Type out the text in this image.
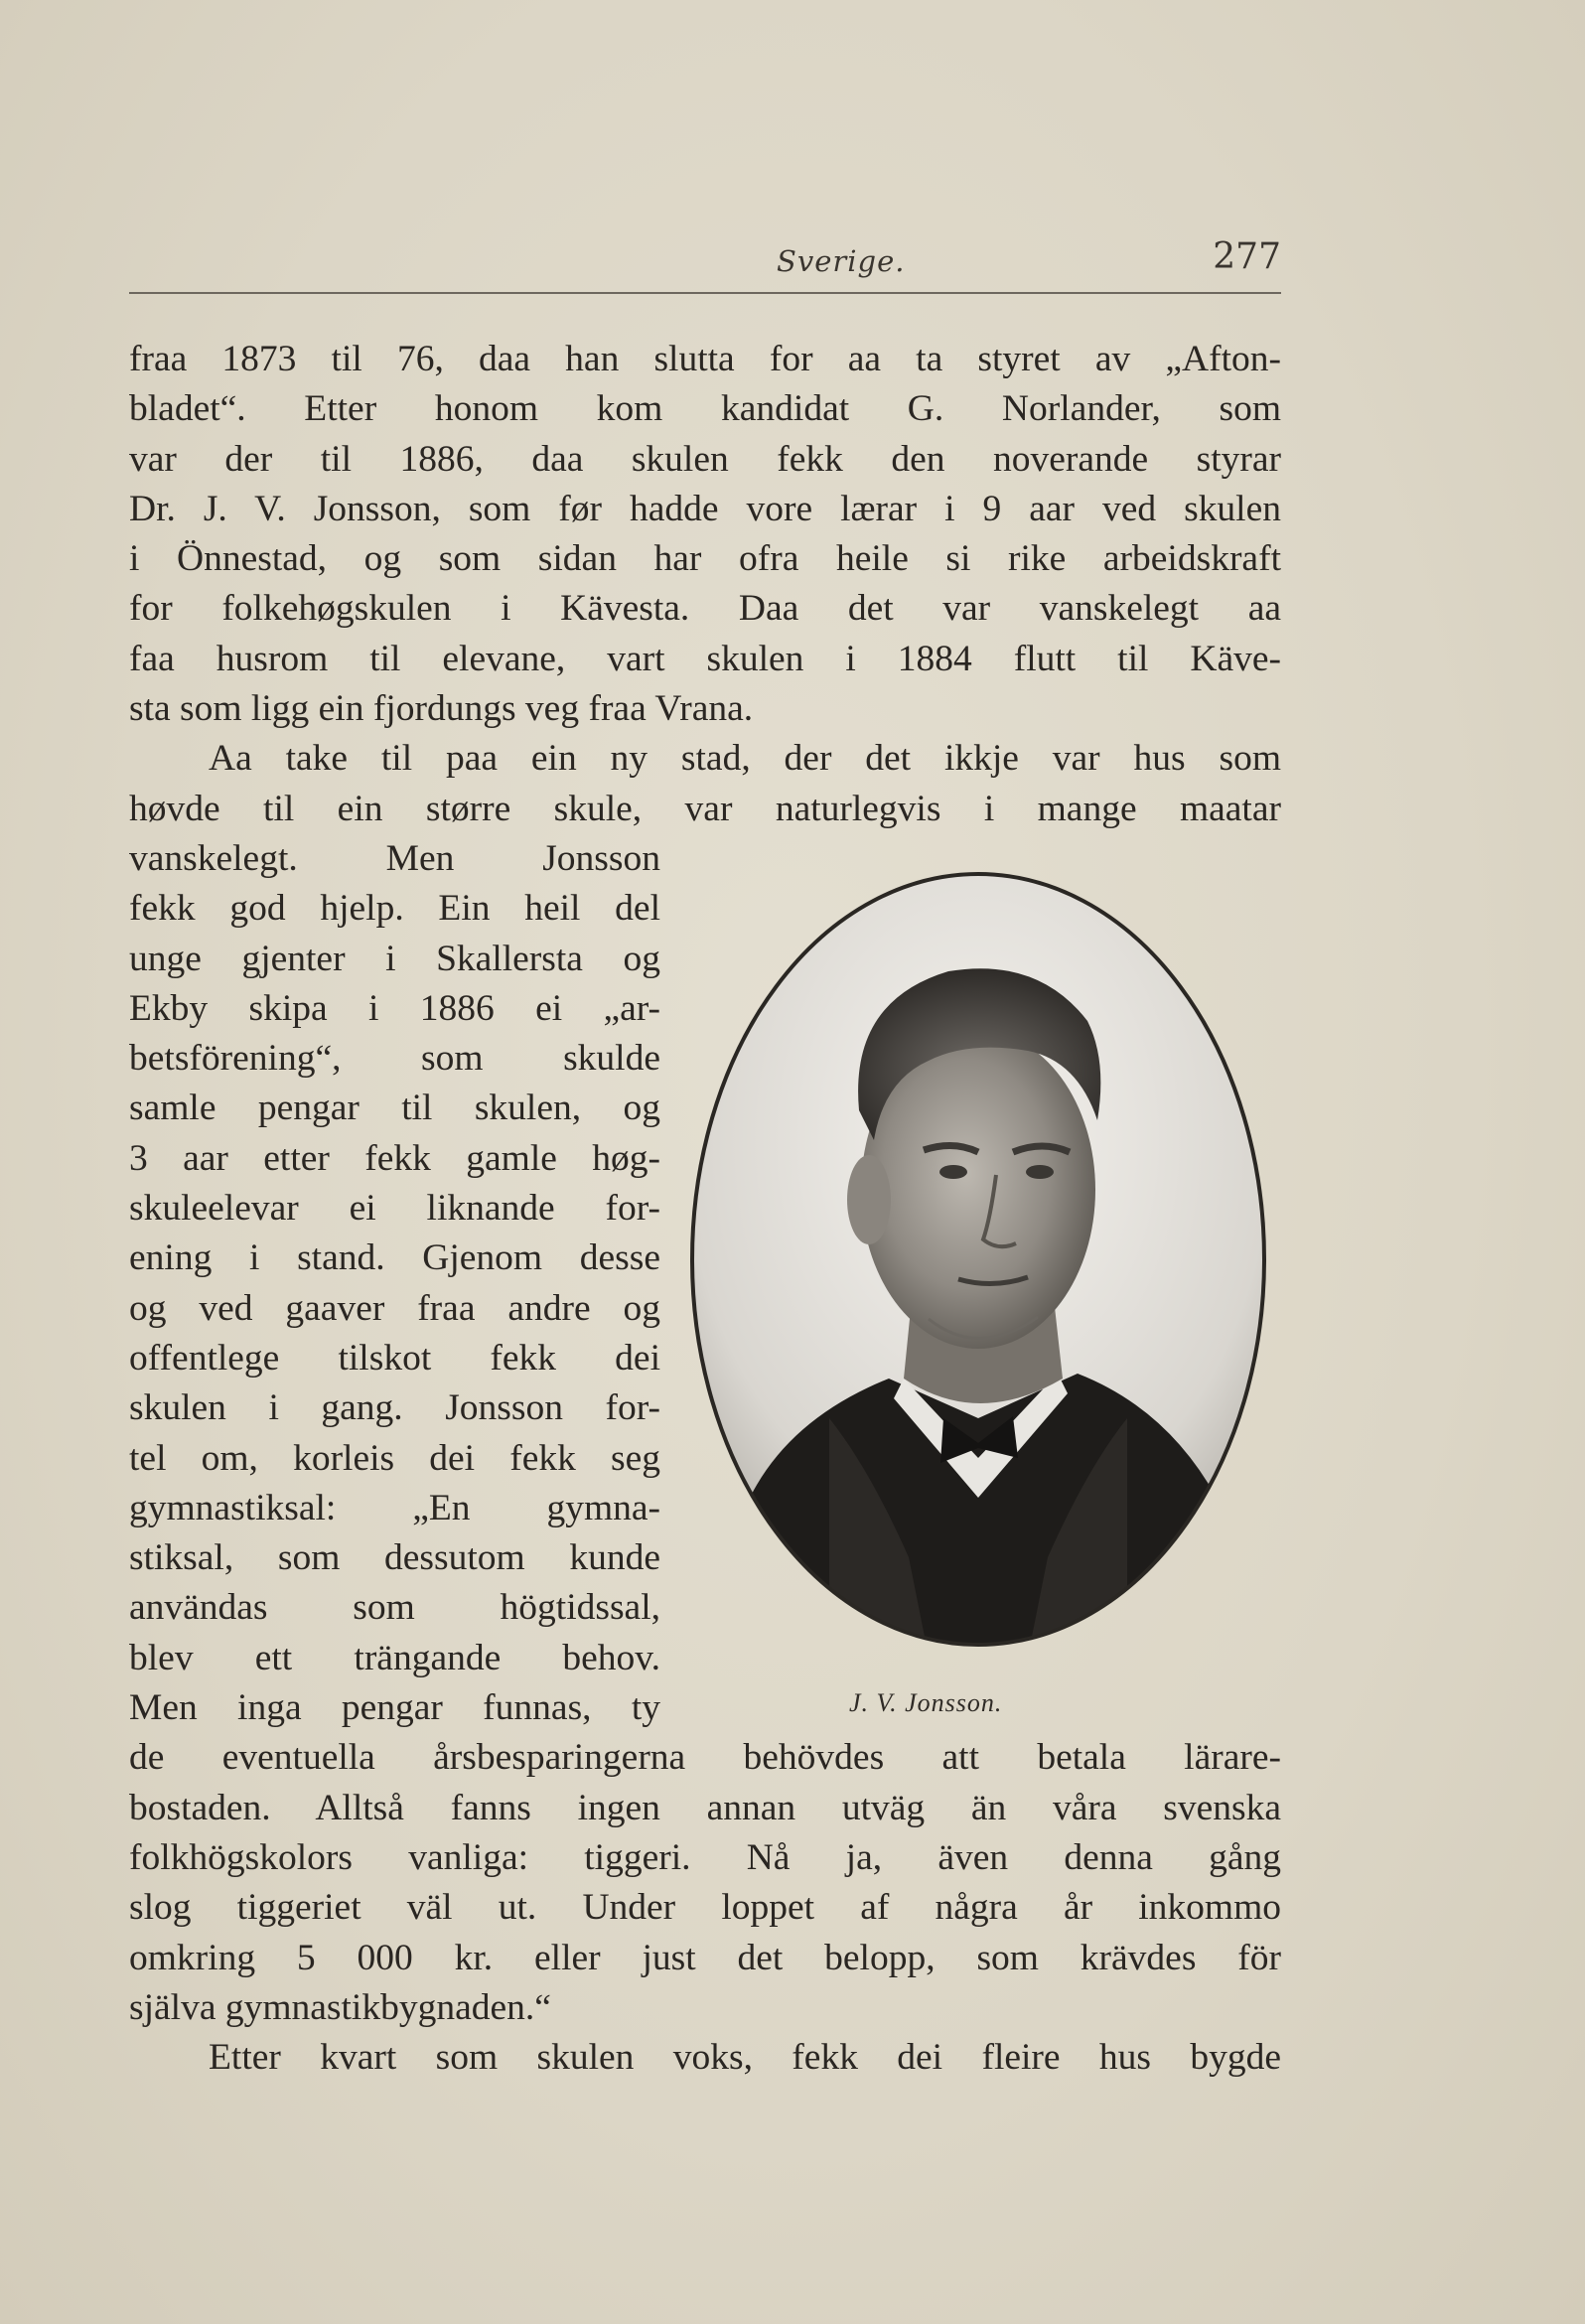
Sverige.	277
fraa 1873 til 76, daa han slutta for aa ta styret av „Afton-
bladet“. Etter honom kom kandidat G. Norlander, som
var der til 1886, daa skulen fekk den noverande styrar
Dr. J. V. Jonsson, som før hadde vore lærar i 9 aar ved skulen
i Önnestad, og som sidan har ofra heile si rike arbeidskraft
for folkehøgskulen i Kävesta. Daa det var vanskelegt aa
faa husrom til elevane, vart skulen i 1884 flutt til Käve-
sta som ligg ein fjordungs veg fraa Vrana.
Aa take til paa ein ny stad, der det ikkje var hus som
høvde til ein større skule, var naturlegvis i mange maatar
vanskelegt. Men Jonsson
fekk god hjelp. Ein heil del
unge gjenter i Skallersta og
Ekby skipa i 1886 ei „ar-
betsförening“, som skulde
samle pengar til skulen, og
3 aar etter fekk gamle høg-
skuleelevar ei liknande for-
ening i stand. Gjenom desse
og ved gaaver fraa andre og
offentlege tilskot fekk dei
skulen i gang. Jonsson for-
tel om, korleis dei fekk seg
gymnastiksal: „En gymna-
stiksal, som dessutom kunde
användas som högtidssal,
blev ett trängande behov.
Men inga pengar funnas, ty
de eventuella årsbesparingerna behövdes att betala lärare-
bostaden. Alltså fanns ingen annan utväg än våra svenska
folkhögskolors vanliga: tiggeri. Nå ja, även denna gång
slog tiggeriet väl ut. Under loppet af några år inkommo
omkring 5 000 kr. eller just det belopp, som krävdes för
själva gymnastikbygnaden.“
Etter kvart som skulen voks, fekk dei fleire hus bygde
J. V. Jonsson.
